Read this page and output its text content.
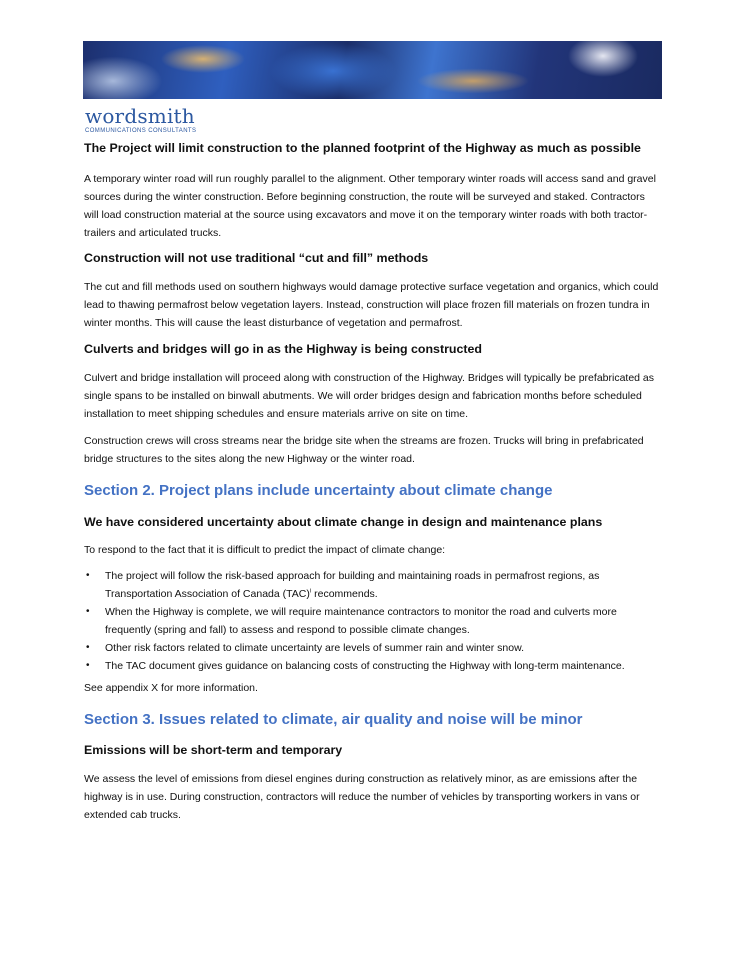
wordsmith
COMMUNICATIONS CONSULTANTS
The Project will limit construction to the planned footprint of the Highway as much as possible
A temporary winter road will run roughly parallel to the alignment. Other temporary winter roads will access sand and gravel sources during the winter construction. Before beginning construction, the route will be surveyed and staked. Contractors will load construction material at the source using excavators and move it on the temporary winter roads with both tractor-trailers and articulated trucks.
Construction will not use traditional “cut and fill” methods
The cut and fill methods used on southern highways would damage protective surface vegetation and organics, which could lead to thawing permafrost below vegetation layers. Instead, construction will place frozen fill materials on frozen tundra in winter months. This will cause the least disturbance of vegetation and permafrost.
Culverts and bridges will go in as the Highway is being constructed
Culvert and bridge installation will proceed along with construction of the Highway. Bridges will typically be prefabricated as single spans to be installed on binwall abutments. We will order bridges design and fabrication months before scheduled installation to meet shipping schedules and ensure materials arrive on site on time.
Construction crews will cross streams near the bridge site when the streams are frozen. Trucks will bring in prefabricated bridge structures to the sites along the new Highway or the winter road.
Section 2. Project plans include uncertainty about climate change
We have considered uncertainty about climate change in design and maintenance plans
To respond to the fact that it is difficult to predict the impact of climate change:
• The project will follow the risk-based approach for building and maintaining roads in permafrost regions, as Transportation Association of Canada (TAC)$^i$ recommends.
• When the Highway is complete, we will require maintenance contractors to monitor the road and culverts more frequently (spring and fall) to assess and respond to possible climate changes.
• Other risk factors related to climate uncertainty are levels of summer rain and winter snow.
• The TAC document gives guidance on balancing costs of constructing the Highway with long-term maintenance.
See appendix X for more information.
Section 3. Issues related to climate, air quality and noise will be minor
Emissions will be short-term and temporary
We assess the level of emissions from diesel engines during construction as relatively minor, as are emissions after the highway is in use. During construction, contractors will reduce the number of vehicles by transporting workers in vans or extended cab trucks.
